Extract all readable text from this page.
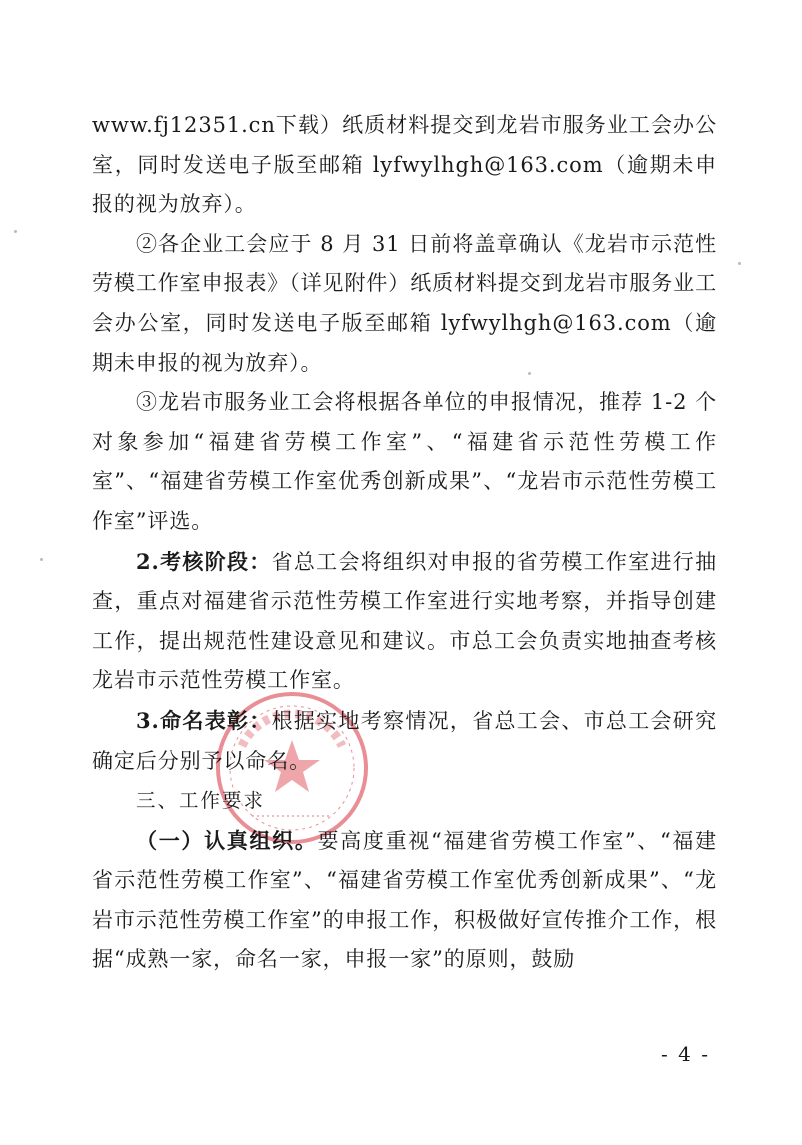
www.fj12351.cn下载）纸质材料提交到龙岩市服务业工会办公室，同时发送电子版至邮箱 lyfwylhgh@163.com（逾期未申报的视为放弃）。

②各企业工会应于 8 月 31 日前将盖章确认《龙岩市示范性劳模工作室申报表》（详见附件）纸质材料提交到龙岩市服务业工会办公室，同时发送电子版至邮箱 lyfwylhgh@163.com（逾期未申报的视为放弃）。

③龙岩市服务业工会将根据各单位的申报情况，推荐 1-2 个对象参加“福建省劳模工作室”、“福建省示范性劳模工作室”、“福建省劳模工作室优秀创新成果”、“龙岩市示范性劳模工作室”评选。

2.考核阶段：省总工会将组织对申报的省劳模工作室进行抽查，重点对福建省示范性劳模工作室进行实地考察，并指导创建工作，提出规范性建设意见和建议。市总工会负责实地抽查考核龙岩市示范性劳模工作室。

3.命名表彰：根据实地考察情况，省总工会、市总工会研究确定后分别予以命名。

三、工作要求

（一）认真组织。要高度重视“福建省劳模工作室”、“福建省示范性劳模工作室”、“福建省劳模工作室优秀创新成果”、“龙岩市示范性劳模工作室”的申报工作，积极做好宣传推介工作，根据“成熟一家，命名一家，申报一家”的原则，鼓励

- 4 -
